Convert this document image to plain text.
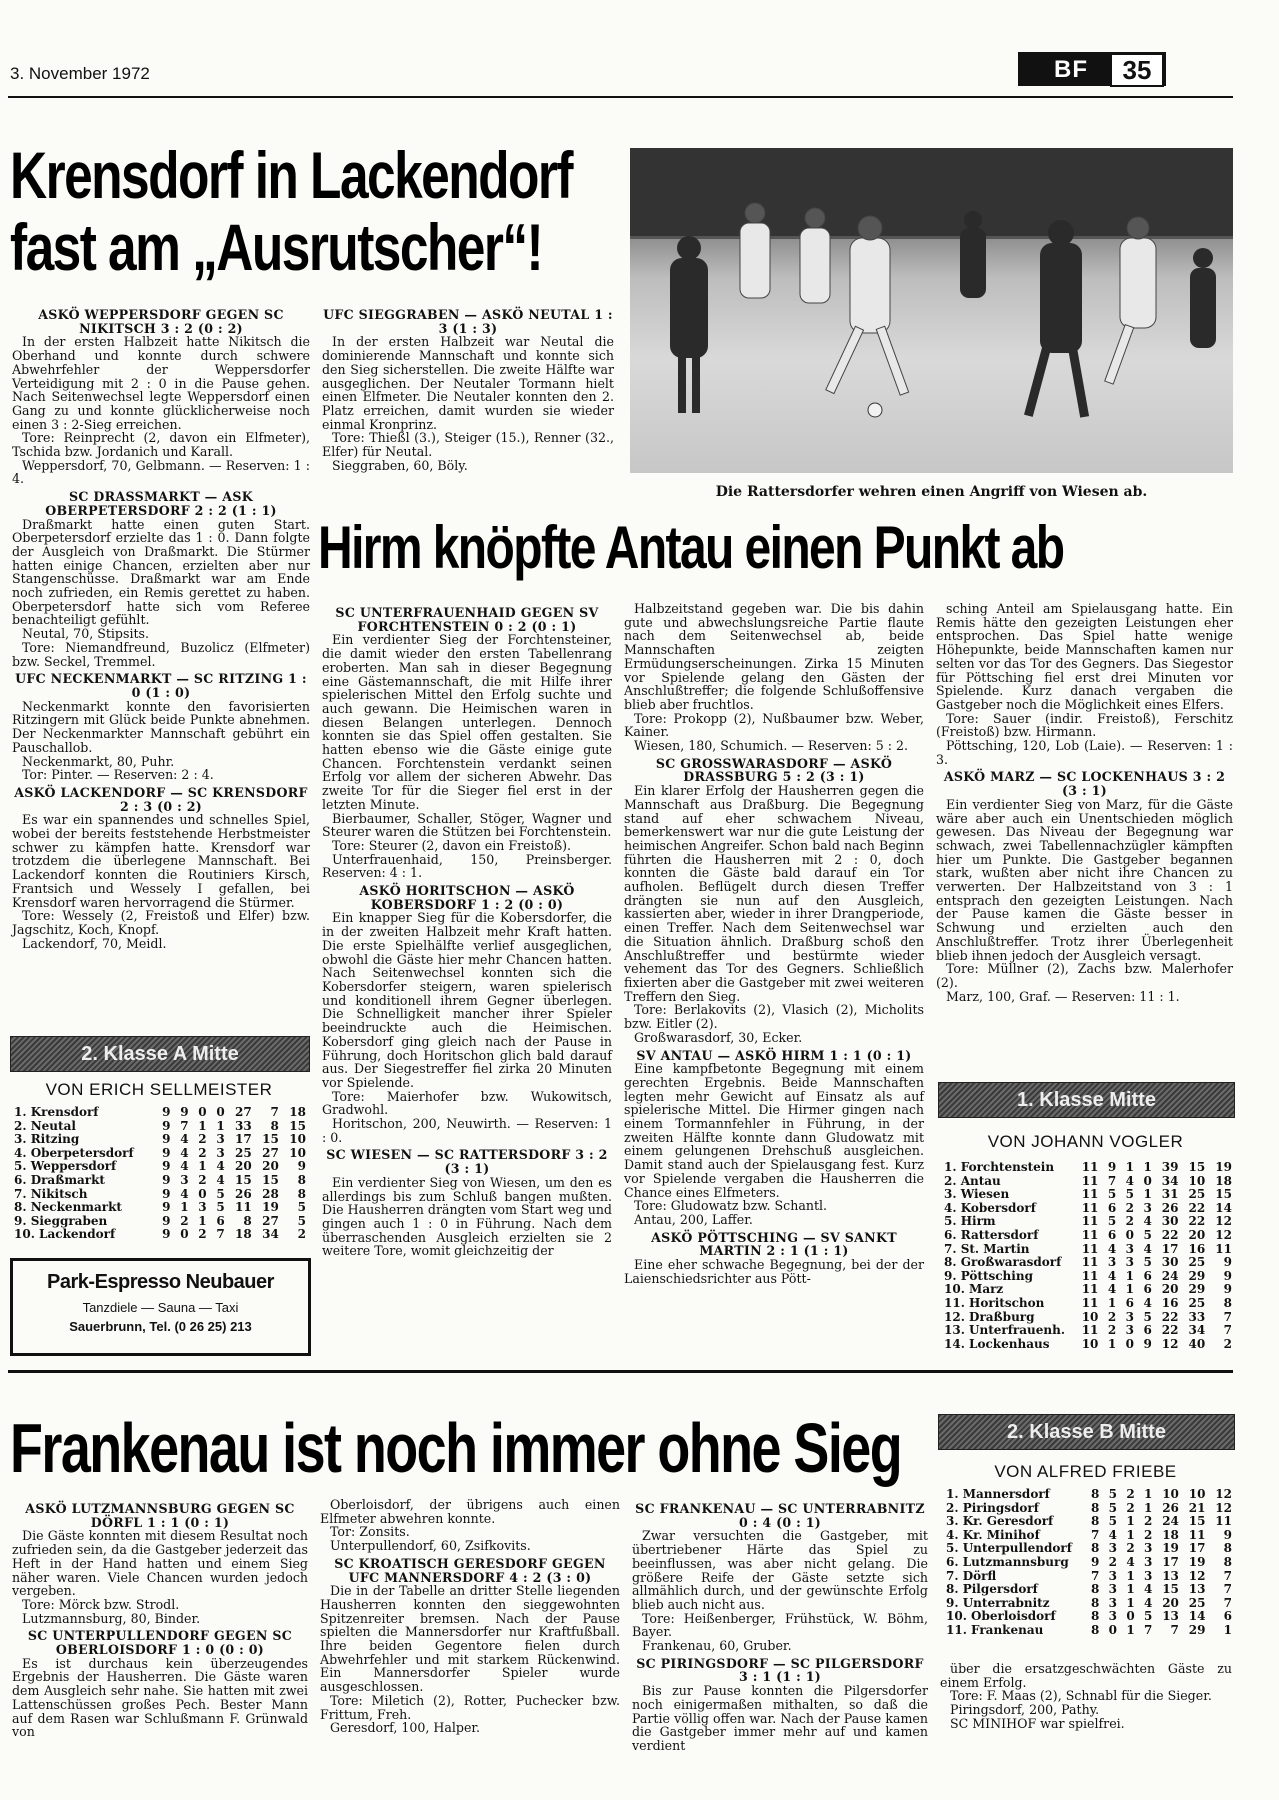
3. November 1972	BF	35
Krensdorf in Lackendorf
fast am „Ausrutscher“!

ASKÖ WEPPERSDORF GEGEN SC NIKITSCH 3 : 2 (0 : 2)

In der ersten Halbzeit hatte Nikitsch die Oberhand und konnte durch schwere Abwehrfehler der Weppersdorfer Verteidigung mit 2 : 0 in die Pause gehen. Nach Seitenwechsel legte Weppersdorf einen Gang zu und konnte glücklicherweise noch einen 3 : 2-Sieg erreichen.

Tore: Reinprecht (2, davon ein Elfmeter), Tschida bzw. Jordanich und Karall.

Weppersdorf, 70, Gelbmann. — Reserven: 1 : 4.

SC DRASSMARKT — ASK OBERPETERSDORF 2 : 2 (1 : 1)

Draßmarkt hatte einen guten Start. Oberpetersdorf erzielte das 1 : 0. Dann folgte der Ausgleich von Draßmarkt. Die Stürmer hatten einige Chancen, erzielten aber nur Stangenschüsse. Draßmarkt war am Ende noch zufrieden, ein Remis gerettet zu haben. Oberpetersdorf hatte sich vom Referee benachteiligt gefühlt.

Neutal, 70, Stipsits.

Tore: Niemandfreund, Buzolicz (Elfmeter) bzw. Seckel, Tremmel.

UFC NECKENMARKT — SC RITZING 1 : 0 (1 : 0)

Neckenmarkt konnte den favorisierten Ritzingern mit Glück beide Punkte abnehmen. Der Neckenmarkter Mannschaft gebührt ein Pauschallob.

Neckenmarkt, 80, Puhr.

Tor: Pinter. — Reserven: 2 : 4.

ASKÖ LACKENDORF — SC KRENSDORF 2 : 3 (0 : 2)

Es war ein spannendes und schnelles Spiel, wobei der bereits feststehende Herbstmeister schwer zu kämpfen hatte. Krensdorf war trotzdem die überlegene Mannschaft. Bei Lackendorf konnten die Routiniers Kirsch, Frantsich und Wessely I gefallen, bei Krensdorf waren hervorragend die Stürmer.

Tore: Wessely (2, Freistoß und Elfer) bzw. Jagschitz, Koch, Knopf.

Lackendorf, 70, Meidl.

UFC SIEGGRABEN — ASKÖ NEUTAL 1 : 3 (1 : 3)

In der ersten Halbzeit war Neutal die dominierende Mannschaft und konnte sich den Sieg sicherstellen. Die zweite Hälfte war ausgeglichen. Der Neutaler Tormann hielt einen Elfmeter. Die Neutaler konnten den 2. Platz erreichen, damit wurden sie wieder einmal Kronprinz.

Tore: Thießl (3.), Steiger (15.), Renner (32., Elfer) für Neutal.

Sieggraben, 60, Böly.

Die Rattersdorfer wehren einen Angriff von Wiesen ab.
Hirm knöpfte Antau einen Punkt ab

SC UNTERFRAUENHAID GEGEN SV FORCHTENSTEIN 0 : 2 (0 : 1)

Ein verdienter Sieg der Forchtensteiner, die damit wieder den ersten Tabellenrang eroberten. Man sah in dieser Begegnung eine Gästemannschaft, die mit Hilfe ihrer spielerischen Mittel den Erfolg suchte und auch gewann. Die Heimischen waren in diesen Belangen unterlegen. Dennoch konnten sie das Spiel offen gestalten. Sie hatten ebenso wie die Gäste einige gute Chancen. Forchtenstein verdankt seinen Erfolg vor allem der sicheren Abwehr. Das zweite Tor für die Sieger fiel erst in der letzten Minute.

Bierbaumer, Schaller, Stöger, Wagner und Steurer waren die Stützen bei Forchtenstein.

Tore: Steurer (2, davon ein Freistoß).

Unterfrauenhaid, 150, Preinsberger. Reserven: 4 : 1.

ASKÖ HORITSCHON — ASKÖ KOBERSDORF 1 : 2 (0 : 0)

Ein knapper Sieg für die Kobersdorfer, die in der zweiten Halbzeit mehr Kraft hatten. Die erste Spielhälfte verlief ausgeglichen, obwohl die Gäste hier mehr Chancen hatten. Nach Seitenwechsel konnten sich die Kobersdorfer steigern, waren spielerisch und konditionell ihrem Gegner überlegen. Die Schnelligkeit mancher ihrer Spieler beeindruckte auch die Heimischen. Kobersdorf ging gleich nach der Pause in Führung, doch Horitschon glich bald darauf aus. Der Siegestreffer fiel zirka 20 Minuten vor Spielende.

Tore: Maierhofer bzw. Wukowitsch, Gradwohl.

Horitschon, 200, Neuwirth. — Reserven: 1 : 0.

SC WIESEN — SC RATTERSDORF 3 : 2 (3 : 1)

Ein verdienter Sieg von Wiesen, um den es allerdings bis zum Schluß bangen mußten. Die Hausherren drängten vom Start weg und gingen auch 1 : 0 in Führung. Nach dem überraschenden Ausgleich erzielten sie 2 weitere Tore, womit gleichzeitig der

Halbzeitstand gegeben war. Die bis dahin gute und abwechslungsreiche Partie flaute nach dem Seitenwechsel ab, beide Mannschaften zeigten Ermüdungserscheinungen. Zirka 15 Minuten vor Spielende gelang den Gästen der Anschlußtreffer; die folgende Schlußoffensive blieb aber fruchtlos.

Tore: Prokopp (2), Nußbaumer bzw. Weber, Kainer.

Wiesen, 180, Schumich. — Reserven: 5 : 2.

SC GROSSWARASDORF — ASKÖ DRASSBURG 5 : 2 (3 : 1)

Ein klarer Erfolg der Hausherren gegen die Mannschaft aus Draßburg. Die Begegnung stand auf eher schwachem Niveau, bemerkenswert war nur die gute Leistung der heimischen Angreifer. Schon bald nach Beginn führten die Hausherren mit 2 : 0, doch konnten die Gäste bald darauf ein Tor aufholen. Beflügelt durch diesen Treffer drängten sie nun auf den Ausgleich, kassierten aber, wieder in ihrer Drangperiode, einen Treffer. Nach dem Seitenwechsel war die Situation ähnlich. Draßburg schoß den Anschlußtreffer und bestürmte wieder vehement das Tor des Gegners. Schließlich fixierten aber die Gastgeber mit zwei weiteren Treffern den Sieg.

Tore: Berlakovits (2), Vlasich (2), Micholits bzw. Eitler (2).

Großwarasdorf, 30, Ecker.

SV ANTAU — ASKÖ HIRM 1 : 1 (0 : 1)

Eine kampfbetonte Begegnung mit einem gerechten Ergebnis. Beide Mannschaften legten mehr Gewicht auf Einsatz als auf spielerische Mittel. Die Hirmer gingen nach einem Tormannfehler in Führung, in der zweiten Hälfte konnte dann Gludowatz mit einem gelungenen Drehschuß ausgleichen. Damit stand auch der Spielausgang fest. Kurz vor Spielende vergaben die Hausherren die Chance eines Elfmeters.

Tore: Gludowatz bzw. Schantl.

Antau, 200, Laffer.

ASKÖ PÖTTSCHING — SV SANKT MARTIN 2 : 1 (1 : 1)

Eine eher schwache Begegnung, bei der der Laienschiedsrichter aus Pött-

sching Anteil am Spielausgang hatte. Ein Remis hätte den gezeigten Leistungen eher entsprochen. Das Spiel hatte wenige Höhepunkte, beide Mannschaften kamen nur selten vor das Tor des Gegners. Das Siegestor für Pöttsching fiel erst drei Minuten vor Spielende. Kurz danach vergaben die Gastgeber noch die Möglichkeit eines Elfers.

Tore: Sauer (indir. Freistoß), Ferschitz (Freistoß) bzw. Hirmann.

Pöttsching, 120, Lob (Laie). — Reserven: 1 : 3.

ASKÖ MARZ — SC LOCKENHAUS 3 : 2 (3 : 1)

Ein verdienter Sieg von Marz, für die Gäste wäre aber auch ein Unentschieden möglich gewesen. Das Niveau der Begegnung war schwach, zwei Tabellennachzügler kämpften hier um Punkte. Die Gastgeber begannen stark, wußten aber nicht ihre Chancen zu verwerten. Der Halbzeitstand von 3 : 1 entsprach den gezeigten Leistungen. Nach der Pause kamen die Gäste besser in Schwung und erzielten auch den Anschlußtreffer. Trotz ihrer Überlegenheit blieb ihnen jedoch der Ausgleich versagt.

Tore: Müllner (2), Zachs bzw. Malerhofer (2).

Marz, 100, Graf. — Reserven: 11 : 1.

2. Klasse A Mitte
VON ERICH SELLMEISTER
1. Krensdorf	9	9	0	0	27	7	18
2. Neutal	9	7	1	1	33	8	15
3. Ritzing	9	4	2	3	17	15	10
4. Oberpetersdorf	9	4	2	3	25	27	10
5. Weppersdorf	9	4	1	4	20	20	9
6. Draßmarkt	9	3	2	4	15	15	8
7. Nikitsch	9	4	0	5	26	28	8
8. Neckenmarkt	9	1	3	5	11	19	5
9. Sieggraben	9	2	1	6	8	27	5
10. Lackendorf	9	0	2	7	18	34	2
Park-Espresso Neubauer
Tanzdiele — Sauna — Taxi
Sauerbrunn, Tel. (0 26 25) 213
1. Klasse Mitte
VON JOHANN VOGLER
1. Forchtenstein	11	9	1	1	39	15	19
2. Antau	11	7	4	0	34	10	18
3. Wiesen	11	5	5	1	31	25	15
4. Kobersdorf	11	6	2	3	26	22	14
5. Hirm	11	5	2	4	30	22	12
6. Rattersdorf	11	6	0	5	22	20	12
7. St. Martin	11	4	3	4	17	16	11
8. Großwarasdorf	11	3	3	5	30	25	9
9. Pöttsching	11	4	1	6	24	29	9
10. Marz	11	4	1	6	20	29	9
11. Horitschon	11	1	6	4	16	25	8
12. Draßburg	10	2	3	5	22	33	7
13. Unterfrauenh.	11	2	3	6	22	34	7
14. Lockenhaus	10	1	0	9	12	40	2
Frankenau ist noch immer ohne Sieg	2. Klasse B Mitte
VON ALFRED FRIEBE
1. Mannersdorf	8	5	2	1	10	10	12
2. Piringsdorf	8	5	2	1	26	21	12
3. Kr. Geresdorf	8	5	1	2	24	15	11
4. Kr. Minihof	7	4	1	2	18	11	9
5. Unterpullendorf	8	3	2	3	19	17	8
6. Lutzmannsburg	9	2	4	3	17	19	8
7. Dörfl	7	3	1	3	13	12	7
8. Pilgersdorf	8	3	1	4	15	13	7
9. Unterrabnitz	8	3	1	4	20	25	7
10. Oberloisdorf	8	3	0	5	13	14	6
11. Frankenau	8	0	1	7	7	29	1

ASKÖ LUTZMANNSBURG GEGEN SC DÖRFL 1 : 1 (0 : 1)

Die Gäste konnten mit diesem Resultat noch zufrieden sein, da die Gastgeber jederzeit das Heft in der Hand hatten und einem Sieg näher waren. Viele Chancen wurden jedoch vergeben.

Tore: Mörck bzw. Strodl.

Lutzmannsburg, 80, Binder.

SC UNTERPULLENDORF GEGEN SC OBERLOISDORF 1 : 0 (0 : 0)

Es ist durchaus kein überzeugendes Ergebnis der Hausherren. Die Gäste waren dem Ausgleich sehr nahe. Sie hatten mit zwei Lattenschüssen großes Pech. Bester Mann auf dem Rasen war Schlußmann F. Grünwald von

Oberloisdorf, der übrigens auch einen Elfmeter abwehren konnte.

Tor: Zonsits.

Unterpullendorf, 60, Zsifkovits.

SC KROATISCH GERESDORF GEGEN UFC MANNERSDORF 4 : 2 (3 : 0)

Die in der Tabelle an dritter Stelle liegenden Hausherren konnten den sieggewohnten Spitzenreiter bremsen. Nach der Pause spielten die Mannersdorfer nur Kraftfußball. Ihre beiden Gegentore fielen durch Abwehrfehler und mit starkem Rückenwind. Ein Mannersdorfer Spieler wurde ausgeschlossen.

Tore: Miletich (2), Rotter, Puchecker bzw. Frittum, Freh.

Geresdorf, 100, Halper.

SC FRANKENAU — SC UNTERRABNITZ 0 : 4 (0 : 1)

Zwar versuchten die Gastgeber, mit übertriebener Härte das Spiel zu beeinflussen, was aber nicht gelang. Die größere Reife der Gäste setzte sich allmählich durch, und der gewünschte Erfolg blieb auch nicht aus.

Tore: Heißenberger, Frühstück, W. Böhm, Bayer.

Frankenau, 60, Gruber.

SC PIRINGSDORF — SC PILGERSDORF 3 : 1 (1 : 1)

Bis zur Pause konnten die Pilgersdorfer noch einigermaßen mithalten, so daß die Partie völlig offen war. Nach der Pause kamen die Gastgeber immer mehr auf und kamen verdient

über die ersatzgeschwächten Gäste zu einem Erfolg.

Tore: F. Maas (2), Schnabl für die Sieger.

Piringsdorf, 200, Pathy.

SC MINIHOF war spielfrei.
